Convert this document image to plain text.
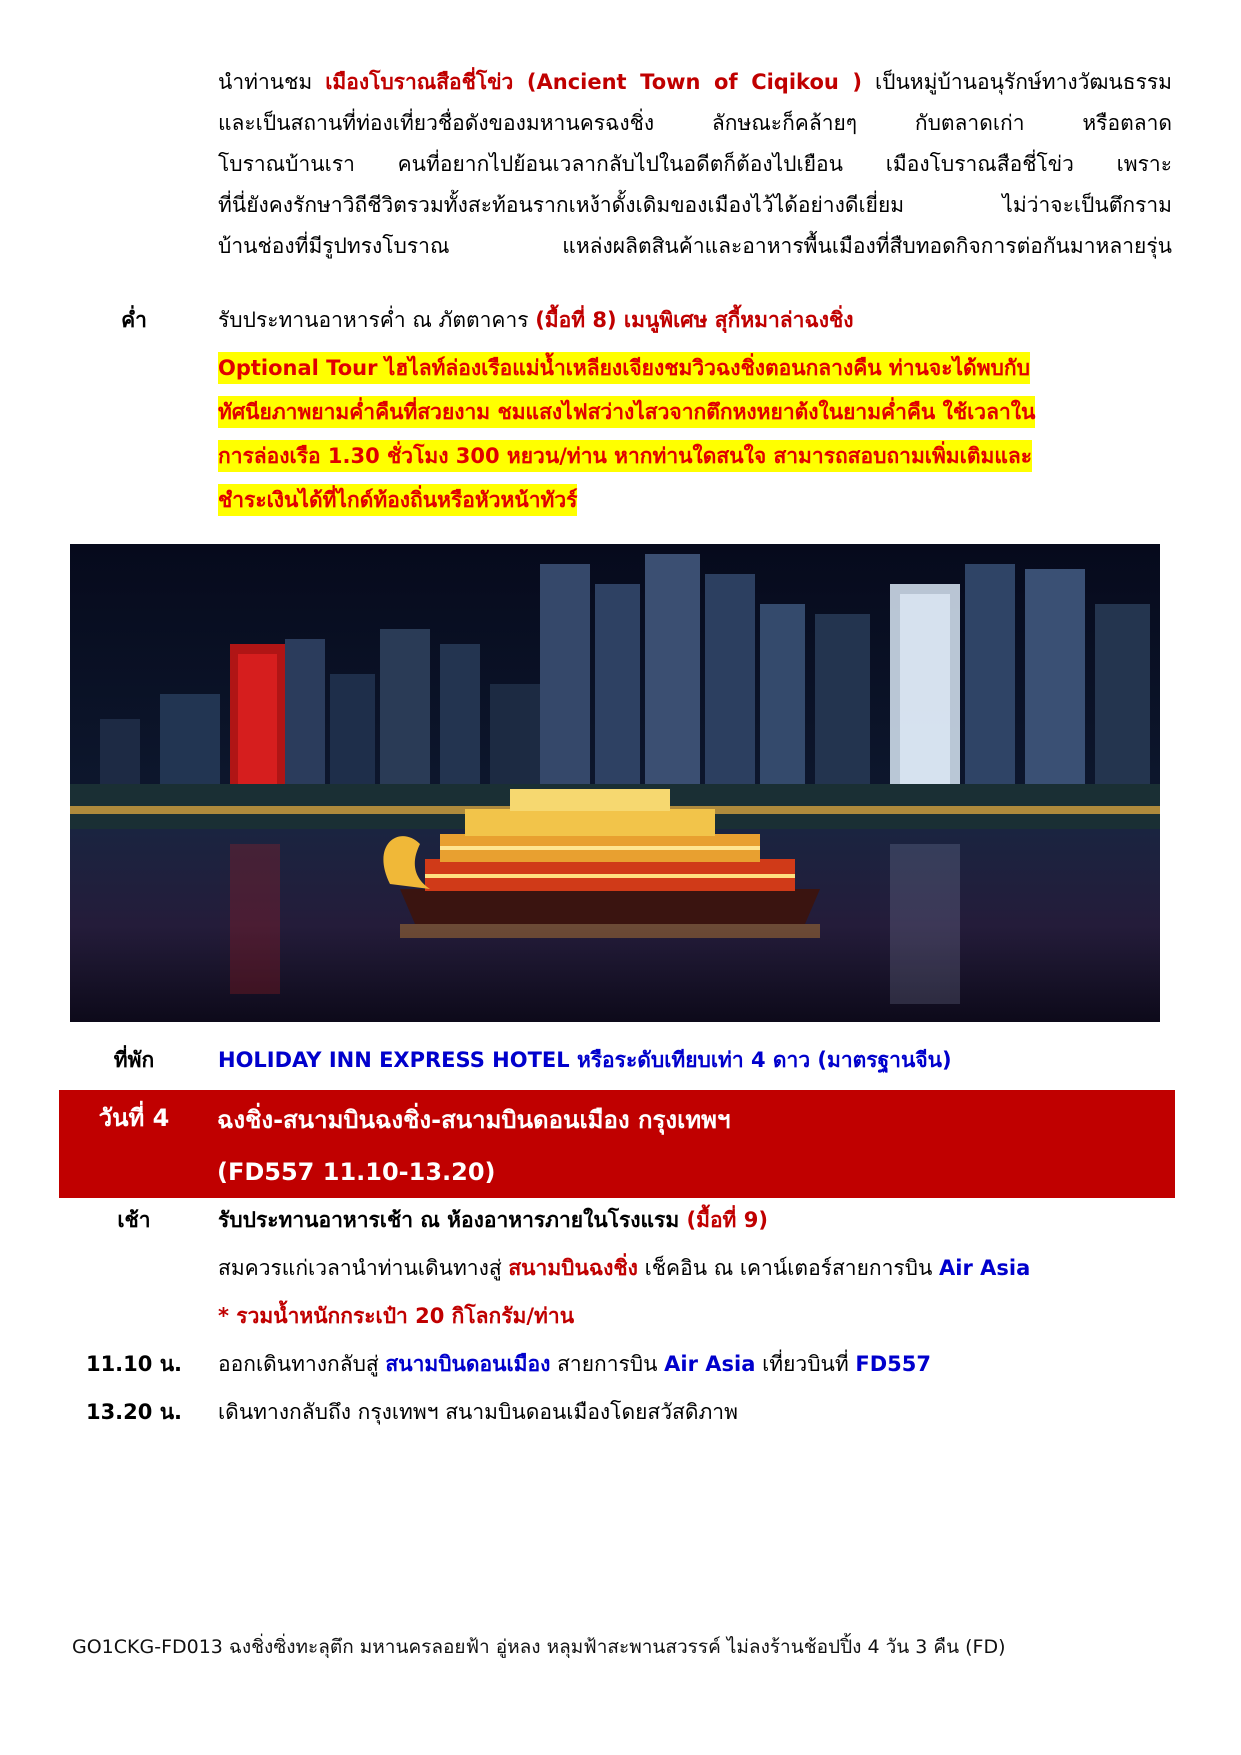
นำท่านชม เมืองโบราณสือชี่โข่ว (Ancient Town of Ciqikou ) เป็นหมู่บ้านอนุรักษ์ทางวัฒนธรรม
และเป็นสถานที่ท่องเที่ยวชื่อดังของมหานครฉงชิ่ง ลักษณะก็คล้ายๆ กับตลาดเก่า หรือตลาด
โบราณบ้านเรา คนที่อยากไปย้อนเวลากลับไปในอดีตก็ต้องไปเยือน เมืองโบราณสือชี่โข่ว เพราะ
ที่นี่ยังคงรักษาวิถีชีวิตรวมทั้งสะท้อนรากเหง้าดั้งเดิมของเมืองไว้ได้อย่างดีเยี่ยม ไม่ว่าจะเป็นตึกราม
บ้านช่องที่มีรูปทรงโบราณ แหล่งผลิตสินค้าและอาหารพื้นเมืองที่สืบทอดกิจการต่อกันมาหลายรุ่น
ค่ำ	รับประทานอาหารค่ำ ณ ภัตตาคาร (มื้อที่ 8) เมนูพิเศษ สุกี้หมาล่าฉงชิ่ง
Optional Tour ไฮไลท์ล่องเรือแม่น้ำเหลียงเจียงชมวิวฉงชิ่งตอนกลางคืน ท่านจะได้พบกับ
ทัศนียภาพยามค่ำคืนที่สวยงาม ชมแสงไฟสว่างไสวจากตึกหงหยาต้งในยามค่ำคืน ใช้เวลาใน
การล่องเรือ 1.30 ชั่วโมง 300 หยวน/ท่าน หากท่านใดสนใจ สามารถสอบถามเพิ่มเติมและ
ชำระเงินได้ที่ไกด์ท้องถิ่นหรือหัวหน้าทัวร์
ที่พัก	HOLIDAY INN EXPRESS HOTEL หรือระดับเทียบเท่า 4 ดาว (มาตรฐานจีน)
วันที่ 4	ฉงชิ่ง-สนามบินฉงชิ่ง-สนามบินดอนเมือง กรุงเทพฯ
(FD557 11.10-13.20)
เช้า	รับประทานอาหารเช้า ณ ห้องอาหารภายในโรงแรม (มื้อที่ 9)
สมควรแก่เวลานำท่านเดินทางสู่ สนามบินฉงชิ่ง เช็คอิน ณ เคาน์เตอร์สายการบิน Air Asia
* รวมน้ำหนักกระเป๋า 20 กิโลกรัม/ท่าน
11.10 น.	ออกเดินทางกลับสู่ สนามบินดอนเมือง สายการบิน Air Asia เที่ยวบินที่ FD557
13.20 น.	เดินทางกลับถึง กรุงเทพฯ สนามบินดอนเมืองโดยสวัสดิภาพ
GO1CKG-FD013 ฉงชิ่งซิ่งทะลุตึก มหานครลอยฟ้า อู่หลง หลุมฟ้าสะพานสวรรค์ ไม่ลงร้านช้อปปิ้ง 4 วัน 3 คืน (FD)
